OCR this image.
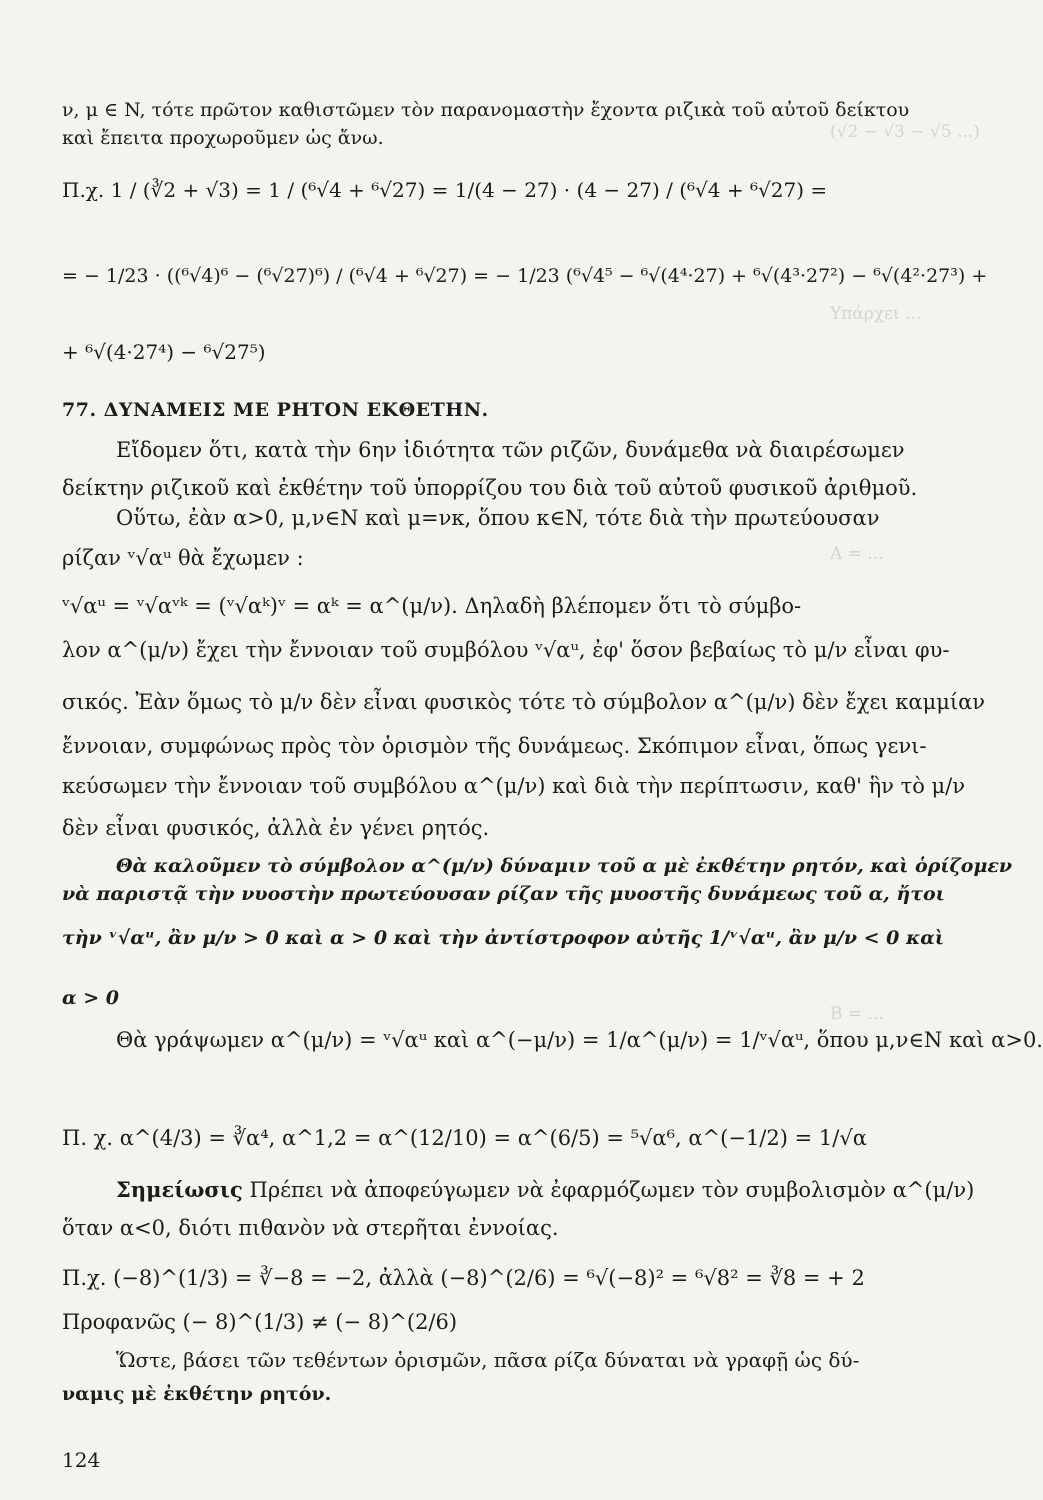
(√2 − √3 − √5 ...)
Υπάρχει ...
A = ...
B = ...
ν, μ ∈ N, τότε πρῶτον καθιστῶμεν τὸν παρανομαστὴν ἔχοντα ριζικὰ τοῦ αὐτοῦ δείκτου
καὶ ἔπειτα προχωροῦμεν ὡς ἄνω.
Π.χ. 1 / (∛2 + √3) = 1 / (⁶√4 + ⁶√27) = 1/(4 − 27) · (4 − 27) / (⁶√4 + ⁶√27) =
= − 1/23 · ((⁶√4)⁶ − (⁶√27)⁶) / (⁶√4 + ⁶√27) = − 1/23 (⁶√4⁵ − ⁶√(4⁴·27) + ⁶√(4³·27²) − ⁶√(4²·27³) +
+ ⁶√(4·27⁴) − ⁶√27⁵)
77. ΔΥΝΑΜΕΙΣ ΜΕ ΡΗΤΟΝ ΕΚΘΕΤΗΝ.
Εἴδομεν ὅτι, κατὰ τὴν 6ην ἰδιότητα τῶν ριζῶν, δυνάμεθα νὰ διαιρέσωμεν
δείκτην ριζικοῦ καὶ ἐκθέτην τοῦ ὑπορρίζου του διὰ τοῦ αὐτοῦ φυσικοῦ ἀριθμοῦ.
Οὕτω, ἐὰν α>0, μ,ν∈N καὶ μ=νκ, ὅπου κ∈N, τότε διὰ τὴν πρωτεύουσαν
ρίζαν ᵛ√αᵘ θὰ ἔχωμεν :
ᵛ√αᵘ = ᵛ√αᵛᵏ = (ᵛ√αᵏ)ᵛ = αᵏ = α^(μ/ν). Δηλαδὴ βλέπομεν ὅτι τὸ σύμβο-
λον α^(μ/ν) ἔχει τὴν ἔννοιαν τοῦ συμβόλου ᵛ√αᵘ, ἐφ' ὅσον βεβαίως τὸ μ/ν εἶναι φυ-
σικός. Ἐὰν ὅμως τὸ μ/ν δὲν εἶναι φυσικὸς τότε τὸ σύμβολον α^(μ/ν) δὲν ἔχει καμμίαν
ἔννοιαν, συμφώνως πρὸς τὸν ὁρισμὸν τῆς δυνάμεως. Σκόπιμον εἶναι, ὅπως γενι-
κεύσωμεν τὴν ἔννοιαν τοῦ συμβόλου α^(μ/ν) καὶ διὰ τὴν περίπτωσιν, καθ' ἣν τὸ μ/ν
δὲν εἶναι φυσικός, ἀλλὰ ἐν γένει ρητός.
Θὰ καλοῦμεν τὸ σύμβολον α^(μ/ν) δύναμιν τοῦ α μὲ ἐκθέτην ρητόν, καὶ ὁρίζομεν
νὰ παριστᾷ τὴν νυοστὴν πρωτεύουσαν ρίζαν τῆς μυοστῆς δυνάμεως τοῦ α, ἤτοι
τὴν ᵛ√αᵘ, ἂν μ/ν > 0 καὶ α > 0 καὶ τὴν ἀντίστροφον αὐτῆς 1/ᵛ√αᵘ, ἂν μ/ν < 0 καὶ
α > 0
Θὰ γράψωμεν α^(μ/ν) = ᵛ√αᵘ καὶ α^(−μ/ν) = 1/α^(μ/ν) = 1/ᵛ√αᵘ, ὅπου μ,ν∈N καὶ α>0.
Π. χ. α^(4/3) = ∛α⁴, α^1,2 = α^(12/10) = α^(6/5) = ⁵√α⁶, α^(−1/2) = 1/√α
Σημείωσις Πρέπει νὰ ἀποφεύγωμεν νὰ ἐφαρμόζωμεν τὸν συμβολισμὸν α^(μ/ν)
ὅταν α<0, διότι πιθανὸν νὰ στερῆται ἐννοίας.
Π.χ. (−8)^(1/3) = ∛−8 = −2, ἀλλὰ (−8)^(2/6) = ⁶√(−8)² = ⁶√8² = ∛8 = + 2
Προφανῶς (− 8)^(1/3) ≠ (− 8)^(2/6)
Ὥστε, βάσει τῶν τεθέντων ὁρισμῶν, πᾶσα ρίζα δύναται νὰ γραφῇ ὡς δύ-
ναμις μὲ ἐκθέτην ρητόν.
124
